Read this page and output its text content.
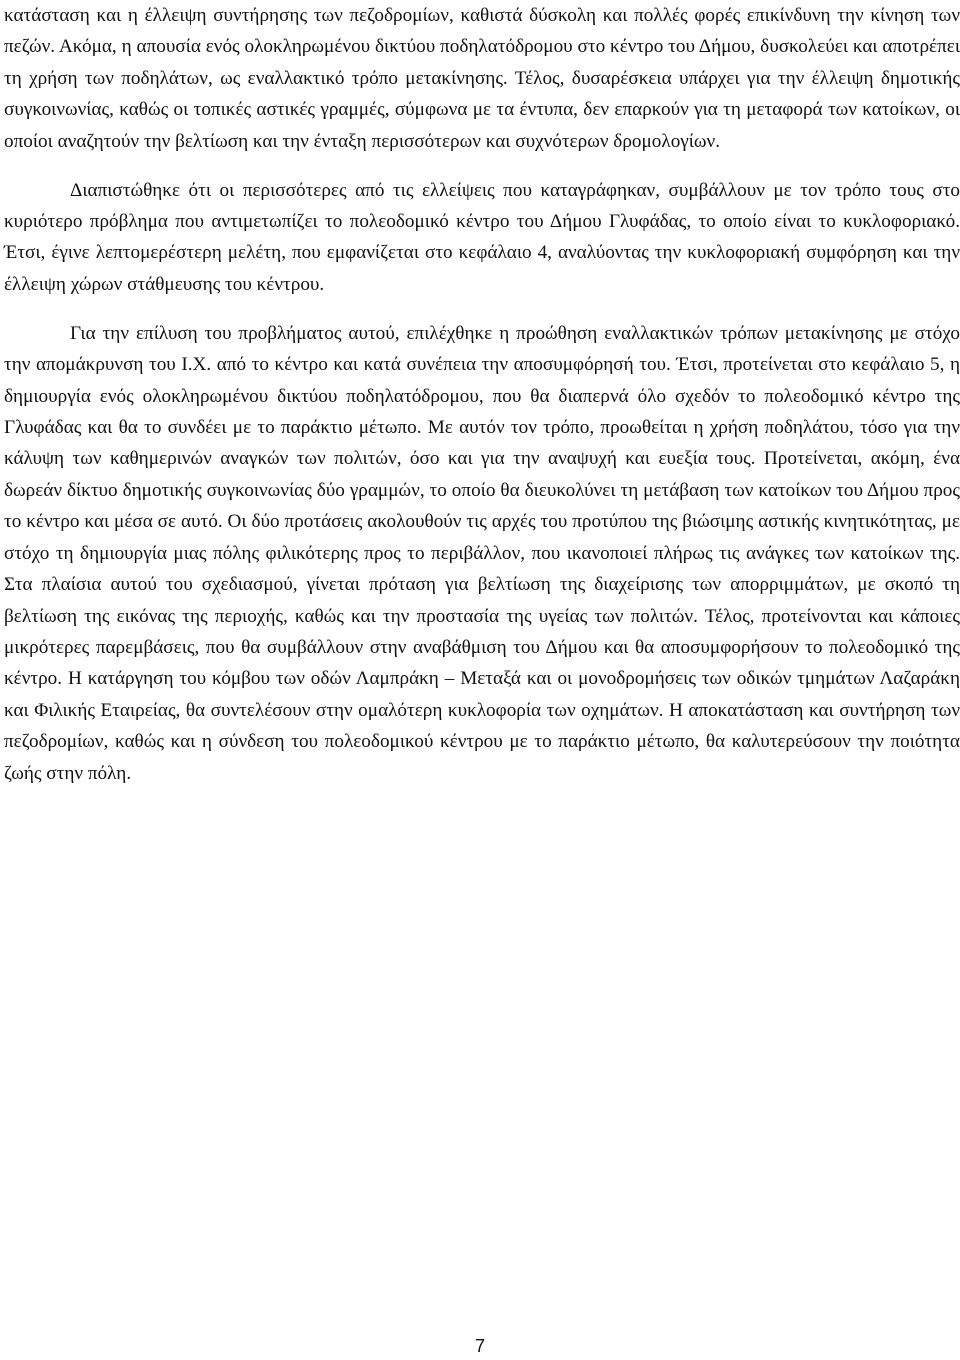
κατάσταση και η έλλειψη συντήρησης των πεζοδρομίων, καθιστά δύσκολη και πολλές φορές επικίνδυνη την κίνηση των πεζών. Ακόμα, η απουσία ενός ολοκληρωμένου δικτύου ποδηλατόδρομου στο κέντρο του Δήμου, δυσκολεύει και αποτρέπει τη χρήση των ποδηλάτων, ως εναλλακτικό τρόπο μετακίνησης. Τέλος, δυσαρέσκεια υπάρχει για την έλλειψη δημοτικής συγκοινωνίας, καθώς οι τοπικές αστικές γραμμές, σύμφωνα με τα έντυπα, δεν επαρκούν για τη μεταφορά των κατοίκων, οι οποίοι αναζητούν την βελτίωση και την ένταξη περισσότερων και συχνότερων δρομολογίων.

Διαπιστώθηκε ότι οι περισσότερες από τις ελλείψεις που καταγράφηκαν, συμβάλλουν με τον τρόπο τους στο κυριότερο πρόβλημα που αντιμετωπίζει το πολεοδομικό κέντρο του Δήμου Γλυφάδας, το οποίο είναι το κυκλοφοριακό. Έτσι, έγινε λεπτομερέστερη μελέτη, που εμφανίζεται στο κεφάλαιο 4, αναλύοντας την κυκλοφοριακή συμφόρηση και την έλλειψη χώρων στάθμευσης του κέντρου.

Για την επίλυση του προβλήματος αυτού, επιλέχθηκε η προώθηση εναλλακτικών τρόπων μετακίνησης με στόχο την απομάκρυνση του Ι.Χ. από το κέντρο και κατά συνέπεια την αποσυμφόρησή του. Έτσι, προτείνεται στο κεφάλαιο 5, η δημιουργία ενός ολοκληρωμένου δικτύου ποδηλατόδρομου, που θα διαπερνά όλο σχεδόν το πολεοδομικό κέντρο της Γλυφάδας και θα το συνδέει με το παράκτιο μέτωπο. Με αυτόν τον τρόπο, προωθείται η χρήση ποδηλάτου, τόσο για την κάλυψη των καθημερινών αναγκών των πολιτών, όσο και για την αναψυχή και ευεξία τους. Προτείνεται, ακόμη, ένα δωρεάν δίκτυο δημοτικής συγκοινωνίας δύο γραμμών, το οποίο θα διευκολύνει τη μετάβαση των κατοίκων του Δήμου προς το κέντρο και μέσα σε αυτό. Οι δύο προτάσεις ακολουθούν τις αρχές του προτύπου της βιώσιμης αστικής κινητικότητας, με στόχο τη δημιουργία μιας πόλης φιλικότερης προς το περιβάλλον, που ικανοποιεί πλήρως τις ανάγκες των κατοίκων της. Στα πλαίσια αυτού του σχεδιασμού, γίνεται πρόταση για βελτίωση της διαχείρισης των απορριμμάτων, με σκοπό τη βελτίωση της εικόνας της περιοχής, καθώς και την προστασία της υγείας των πολιτών. Τέλος, προτείνονται και κάποιες μικρότερες παρεμβάσεις, που θα συμβάλλουν στην αναβάθμιση του Δήμου και θα αποσυμφορήσουν το πολεοδομικό της κέντρο. Η κατάργηση του κόμβου των οδών Λαμπράκη – Μεταξά και οι μονοδρομήσεις των οδικών τμημάτων Λαζαράκη και Φιλικής Εταιρείας, θα συντελέσουν στην ομαλότερη κυκλοφορία των οχημάτων. Η αποκατάσταση και συντήρηση των πεζοδρομίων, καθώς και η σύνδεση του πολεοδομικού κέντρου με το παράκτιο μέτωπο, θα καλυτερεύσουν την ποιότητα ζωής στην πόλη.

7
